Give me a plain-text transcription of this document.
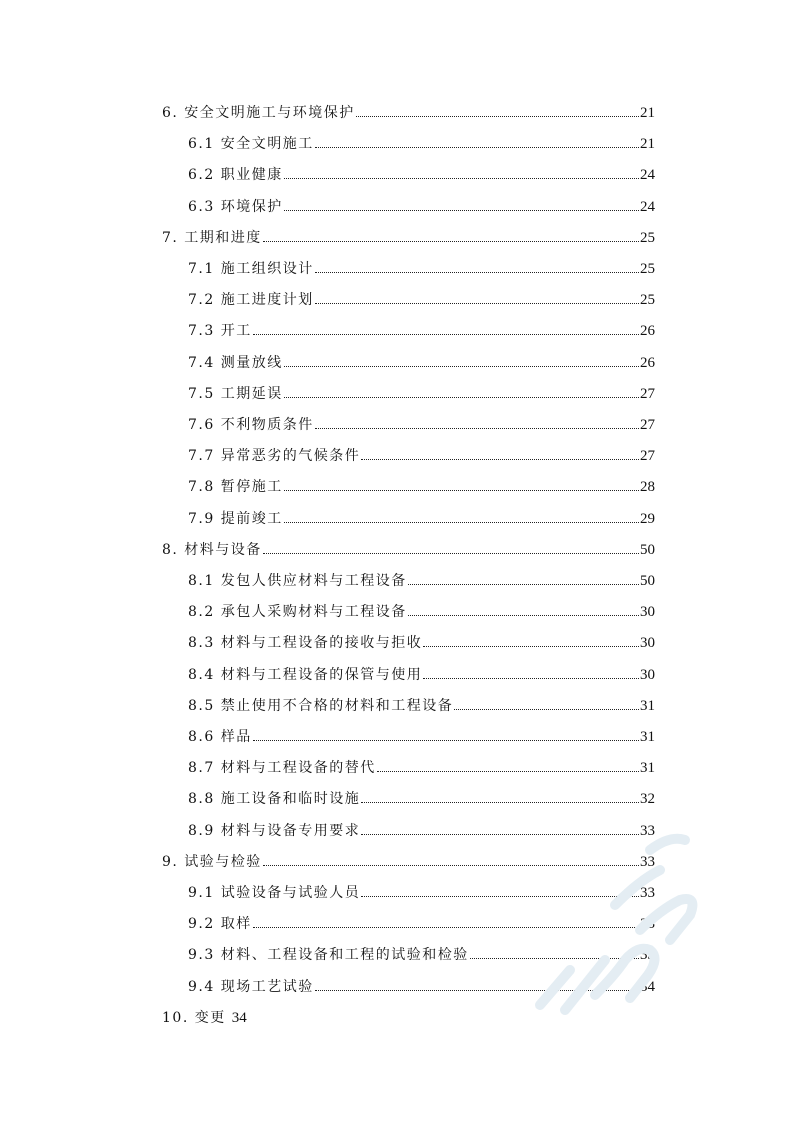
6. 安全文明施工与环境保护	21
6.1 安全文明施工	21
6.2 职业健康	24
6.3 环境保护	24
7. 工期和进度	25
7.1 施工组织设计	25
7.2 施工进度计划	25
7.3 开工	26
7.4 测量放线	26
7.5 工期延误	27
7.6 不利物质条件	27
7.7 异常恶劣的气候条件	27
7.8 暂停施工	28
7.9 提前竣工	29
8. 材料与设备	50
8.1 发包人供应材料与工程设备	50
8.2 承包人采购材料与工程设备	30
8.3 材料与工程设备的接收与拒收	30
8.4 材料与工程设备的保管与使用	30
8.5 禁止使用不合格的材料和工程设备	31
8.6 样品	31
8.7 材料与工程设备的替代	31
8.8 施工设备和临时设施	32
8.9 材料与设备专用要求	33
9. 试验与检验	33
9.1 试验设备与试验人员	33
9.2 取样	33
9.3 材料、工程设备和工程的试验和检验	33
9.4 现场工艺试验	34
10. 变更 34
